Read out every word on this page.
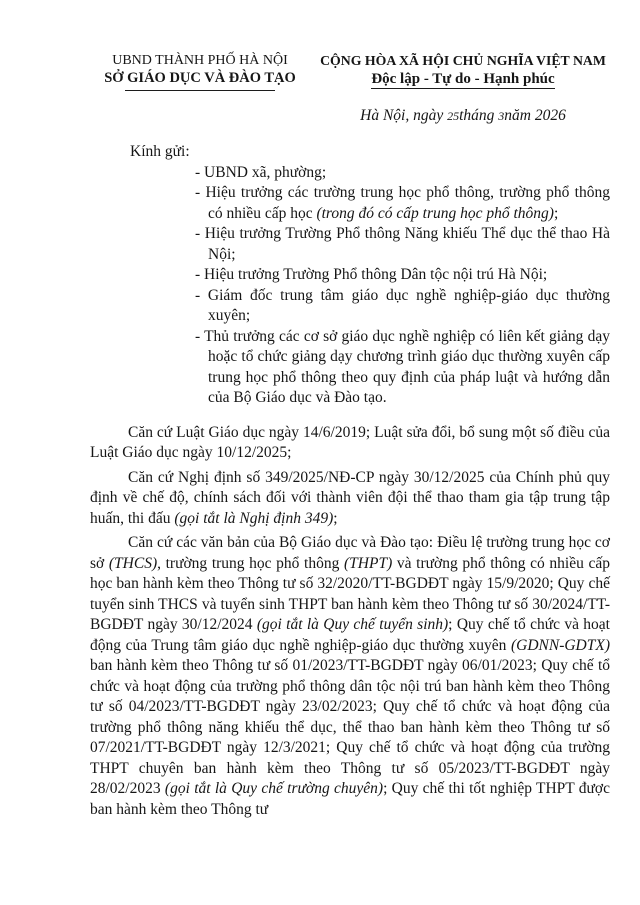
UBND THÀNH PHỐ HÀ NỘI
SỞ GIÁO DỤC VÀ ĐÀO TẠO
CỘNG HÒA XÃ HỘI CHỦ NGHĨA VIỆT NAM
Độc lập - Tự do - Hạnh phúc
Hà Nội, ngày 25tháng 3năm 2026
Kính gửi:
- UBND xã, phường;
- Hiệu trưởng các trường trung học phổ thông, trường phổ thông có nhiều cấp học (trong đó có cấp trung học phổ thông);
- Hiệu trưởng Trường Phổ thông Năng khiếu Thể dục thể thao Hà Nội;
- Hiệu trưởng Trường Phổ thông Dân tộc nội trú Hà Nội;
- Giám đốc trung tâm giáo dục nghề nghiệp-giáo dục thường xuyên;
- Thủ trưởng các cơ sở giáo dục nghề nghiệp có liên kết giảng dạy hoặc tổ chức giảng dạy chương trình giáo dục thường xuyên cấp trung học phổ thông theo quy định của pháp luật và hướng dẫn của Bộ Giáo dục và Đào tạo.

Căn cứ Luật Giáo dục ngày 14/6/2019; Luật sửa đổi, bổ sung một số điều của Luật Giáo dục ngày 10/12/2025;

Căn cứ Nghị định số 349/2025/NĐ-CP ngày 30/12/2025 của Chính phủ quy định về chế độ, chính sách đối với thành viên đội thể thao tham gia tập trung tập huấn, thi đấu (gọi tắt là Nghị định 349);

Căn cứ các văn bản của Bộ Giáo dục và Đào tạo: Điều lệ trường trung học cơ sở (THCS), trường trung học phổ thông (THPT) và trường phổ thông có nhiều cấp học ban hành kèm theo Thông tư số 32/2020/TT-BGDĐT ngày 15/9/2020; Quy chế tuyển sinh THCS và tuyển sinh THPT ban hành kèm theo Thông tư số 30/2024/TT-BGDĐT ngày 30/12/2024 (gọi tắt là Quy chế tuyển sinh); Quy chế tổ chức và hoạt động của Trung tâm giáo dục nghề nghiệp-giáo dục thường xuyên (GDNN-GDTX) ban hành kèm theo Thông tư số 01/2023/TT-BGDĐT ngày 06/01/2023; Quy chế tổ chức và hoạt động của trường phổ thông dân tộc nội trú ban hành kèm theo Thông tư số 04/2023/TT-BGDĐT ngày 23/02/2023; Quy chế tổ chức và hoạt động của trường phổ thông năng khiếu thể dục, thể thao ban hành kèm theo Thông tư số 07/2021/TT-BGDĐT ngày 12/3/2021; Quy chế tổ chức và hoạt động của trường THPT chuyên ban hành kèm theo Thông tư số 05/2023/TT-BGDĐT ngày 28/02/2023 (gọi tắt là Quy chế trường chuyên); Quy chế thi tốt nghiệp THPT được ban hành kèm theo Thông tư
